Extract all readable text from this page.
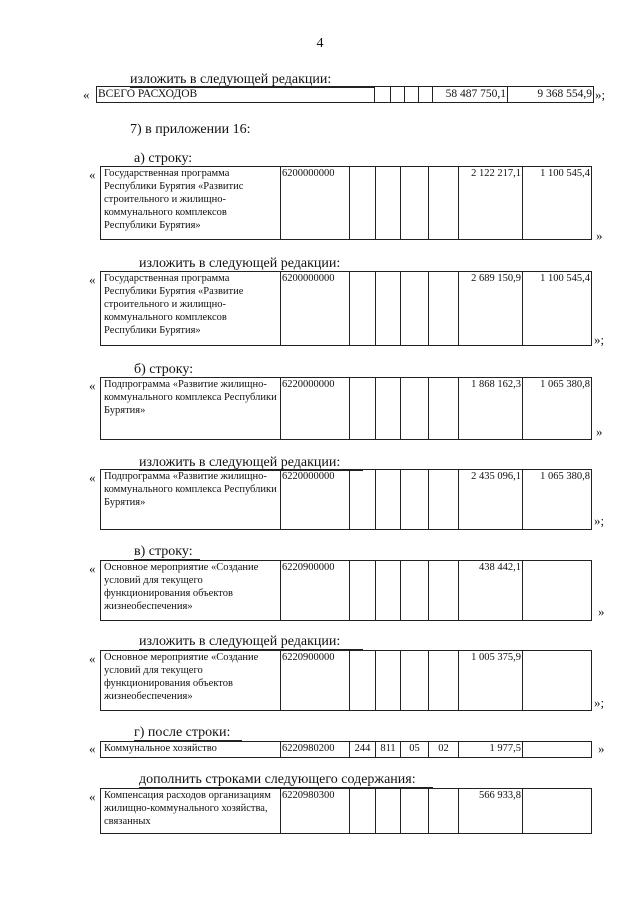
4
изложить в следующей редакции:
« ВСЕГО РАСХОДОВ					58 487 750,1	9 368 554,9 »;
7) в приложении 16:
а) строку:
« Государственная программа Республики Бурятия «Развитис строительного и жилищно-коммунального комплексов Республики Бурятия»	6200000000					2 122 217,1	1 100 545,4
»
изложить в следующей редакции:
« Государственная программа Республики Бурятия «Развитие строительного и жилищно-коммунального комплексов Республики Бурятия»	6200000000					2 689 150,9	1 100 545,4
»;
б) строку:
« Подпрограмма «Развитие жилищно-коммунального комплекса Республики Бурятия»	6220000000					1 868 162,3	1 065 380,8
»
изложить в следующей редакции:
« Подпрограмма «Развитие жилищно-коммунального комплекса Республики Бурятия»	6220000000					2 435 096,1	1 065 380,8
»;
в) строку:
« Основное мероприятие «Создание условий для текущего функционирования объектов жизнеобеспечения»	6220900000					438 442,1	
»
изложить в следующей редакции:
« Основное мероприятие «Создание условий для текущего функционирования объектов жизнеобеспечения»	6220900000					1 005 375,9	
»;
г) после строки:
« Коммунальное хозяйство	6220980200	244	811	05	02	1 977,5		»
дополнить строками следующего содержания:
« Компенсация расходов организациям жилищно-коммунального хозяйства, связанных	6220980300					566 933,8	
